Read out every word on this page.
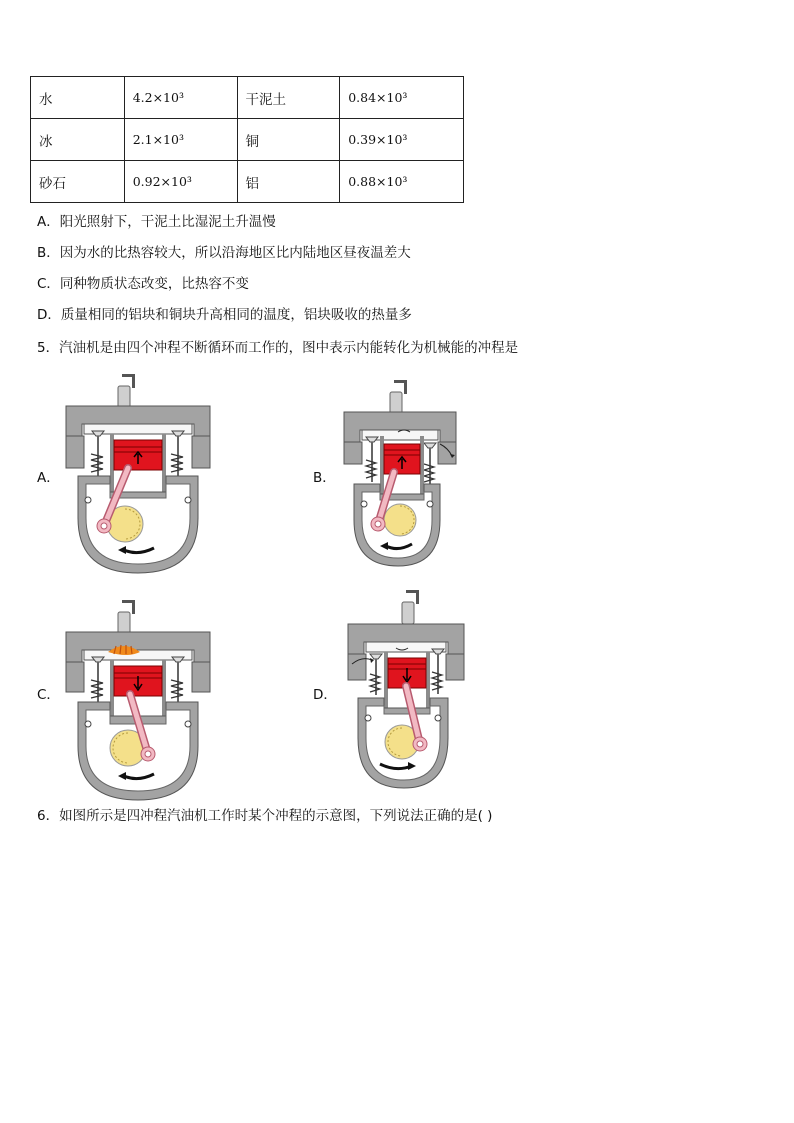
水	4.2×10³	干泥土	0.84×10³
冰	2.1×10³	铜	0.39×10³
砂石	0.92×10³	铝	0.88×10³
A．阳光照射下，干泥土比湿泥土升温慢
B．因为水的比热容较大，所以沿海地区比内陆地区昼夜温差大
C．同种物质状态改变，比热容不变
D．质量相同的铝块和铜块升高相同的温度，铝块吸收的热量多
5．汽油机是由四个冲程不断循环而工作的，图中表示内能转化为机械能的冲程是
A．	B．
C．	D．
6．如图所示是四冲程汽油机工作时某个冲程的示意图，下列说法正确的是( )
